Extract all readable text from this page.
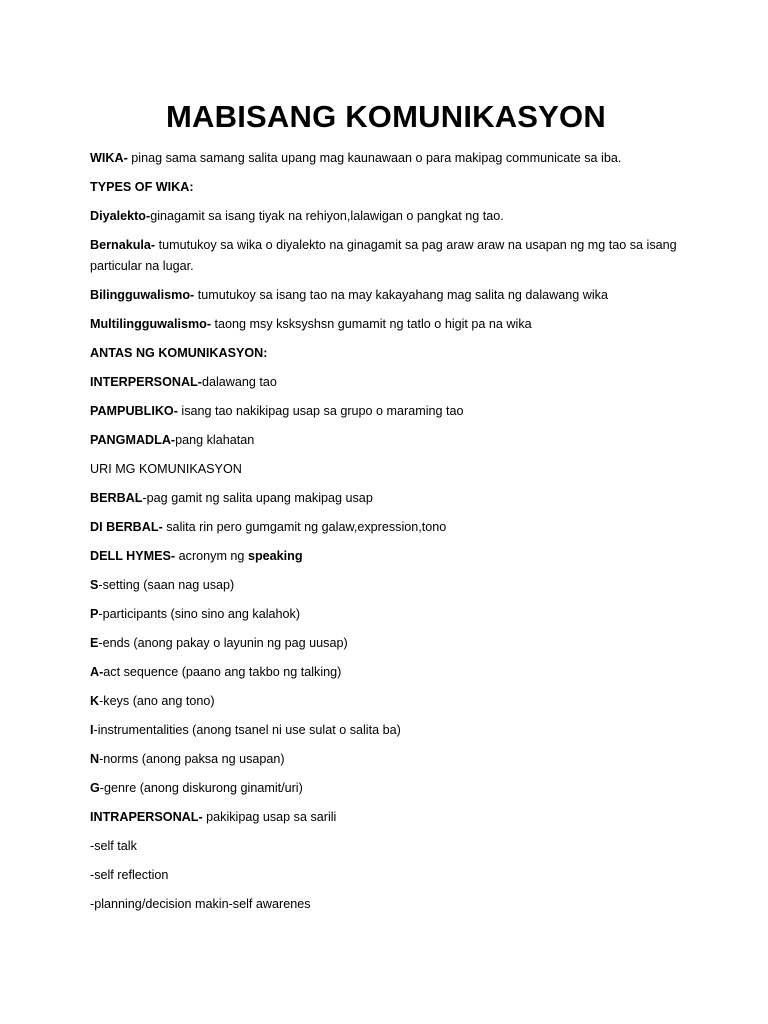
MABISANG KOMUNIKASYON

WIKA- pinag sama samang salita upang mag kaunawaan o para makipag communicate sa iba.

TYPES OF WIKA:

Diyalekto-ginagamit sa isang tiyak na rehiyon,lalawigan o pangkat ng tao.

Bernakula- tumutukoy sa wika o diyalekto na ginagamit sa pag araw araw na usapan ng mg tao sa isang particular na lugar.

Bilingguwalismo- tumutukoy sa isang tao na may kakayahang mag salita ng dalawang wika

Multilingguwalismo- taong msy ksksyshsn gumamit ng tatlo o higit pa na wika

ANTAS NG KOMUNIKASYON:

INTERPERSONAL-dalawang tao

PAMPUBLIKO- isang tao nakikipag usap sa grupo o maraming tao

PANGMADLA-pang klahatan

URI MG KOMUNIKASYON

BERBAL-pag gamit ng salita upang makipag usap

DI BERBAL- salita rin pero gumgamit ng galaw,expression,tono

DELL HYMES- acronym ng speaking

S-setting (saan nag usap)

P-participants (sino sino ang kalahok)

E-ends (anong pakay o layunin ng pag uusap)

A-act sequence (paano ang takbo ng talking)

K-keys (ano ang tono)

I-instrumentalities (anong tsanel ni use sulat o salita ba)

N-norms (anong paksa ng usapan)

G-genre (anong diskurong ginamit/uri)

INTRAPERSONAL- pakikipag usap sa sarili

-self talk

-self reflection

-planning/decision makin-self awarenes
